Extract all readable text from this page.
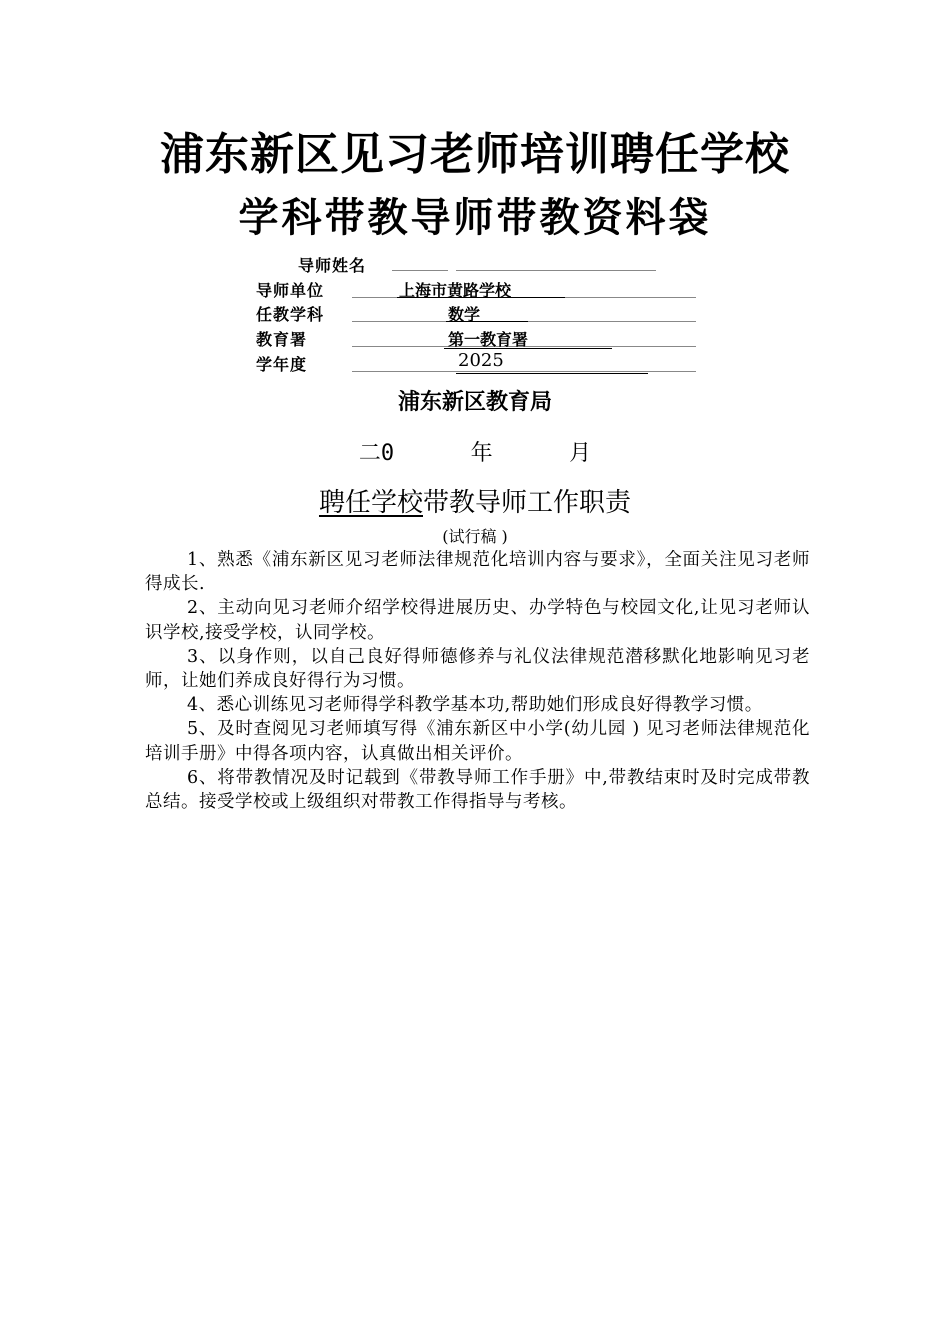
浦东新区见习老师培训聘任学校
学科带教导师带教资料袋
导师姓名
导师单位	上海市黄路学校
任教学科	数学
教育署	第一教育署
学年度	2025
浦东新区教育局
二0	年	月
聘任学校带教导师工作职责
(试行稿 )

1、熟悉《浦东新区见习老师法律规范化培训内容与要求》，全面关注见习老师得成长.

2、主动向见习老师介绍学校得进展历史、办学特色与校园文化,让见习老师认识学校,接受学校，认同学校。

3、以身作则，以自己良好得师德修养与礼仪法律规范潜移默化地影响见习老师，让她们养成良好得行为习惯。

4、悉心训练见习老师得学科教学基本功,帮助她们形成良好得教学习惯。

5、及时查阅见习老师填写得《浦东新区中小学(幼儿园 ) 见习老师法律规范化培训手册》中得各项内容，认真做出相关评价。

6、将带教情况及时记载到《带教导师工作手册》中,带教结束时及时完成带教总结。接受学校或上级组织对带教工作得指导与考核。
